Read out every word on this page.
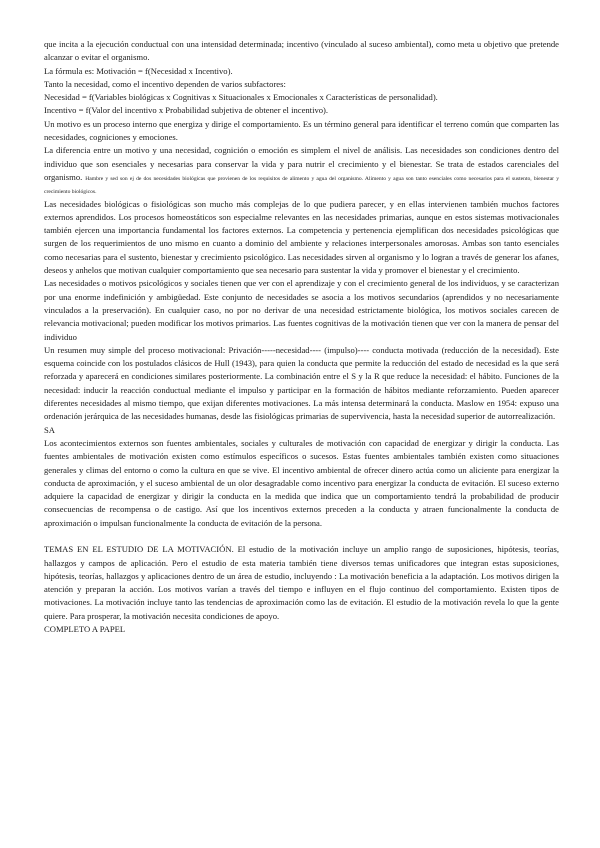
que incita a la ejecución conductual con una intensidad determinada; incentivo (vinculado al suceso ambiental), como meta u objetivo que pretende alcanzar o evitar el organismo.

La fórmula es: Motivación = f(Necesidad x Incentivo).

Tanto la necesidad, como el incentivo dependen de varios subfactores:

Necesidad = f(Variables biológicas x Cognitivas x Situacionales x Emocionales x Características de personalidad).

Incentivo = f(Valor del incentivo x Probabilidad subjetiva de obtener el incentivo).

Un motivo es un proceso interno que energiza y dirige el comportamiento. Es un término general para identificar el terreno común que comparten las necesidades, cogniciones y emociones.

La diferencia entre un motivo y una necesidad, cognición o emoción es simplem el nivel de análisis. Las necesidades son condiciones dentro del individuo que son esenciales y necesarias para conservar la vida y para nutrir el crecimiento y el bienestar. Se trata de estados carenciales del organismo. Hambre y sed son ej de dos necesidades biológicas que provienen de los requisitos de alimento y agua del organismo. Alimento y agua son tanto esenciales como necesarios para el sustento, bienestar y crecimiento biológicos.

Las necesidades biológicas o fisiológicas son mucho más complejas de lo que pudiera parecer, y en ellas intervienen también muchos factores externos aprendidos. Los procesos homeostáticos son especialme relevantes en las necesidades primarias, aunque en estos sistemas motivacionales también ejercen una importancia fundamental los factores externos. La competencia y pertenencia ejemplifican dos necesidades psicológicas que surgen de los requerimientos de uno mismo en cuanto a dominio del ambiente y relaciones interpersonales amorosas. Ambas son tanto esenciales como necesarias para el sustento, bienestar y crecimiento psicológico. Las necesidades sirven al organismo y lo logran a través de generar los afanes, deseos y anhelos que motivan cualquier comportamiento que sea necesario para sustentar la vida y promover el bienestar y el crecimiento.

Las necesidades o motivos psicológicos y sociales tienen que ver con el aprendizaje y con el crecimiento general de los individuos, y se caracterizan por una enorme indefinición y ambigüedad. Este conjunto de necesidades se asocia a los motivos secundarios (aprendidos y no necesariamente vinculados a la preservación). En cualquier caso, no por no derivar de una necesidad estrictamente biológica, los motivos sociales carecen de relevancia motivacional; pueden modificar los motivos primarios. Las fuentes cognitivas de la motivación tienen que ver con la manera de pensar del individuo

Un resumen muy simple del proceso motivacional: Privación-----necesidad---- (impulso)---- conducta motivada (reducción de la necesidad). Este esquema coincide con los postulados clásicos de Hull (1943), para quien la conducta que permite la reducción del estado de necesidad es la que será reforzada y aparecerá en condiciones similares posteriormente. La combinación entre el S y la R que reduce la necesidad: el hábito. Funciones de la necesidad: inducir la reacción conductual mediante el impulso y participar en la formación de hábitos mediante reforzamiento. Pueden aparecer diferentes necesidades al mismo tiempo, que exijan diferentes motivaciones. La más intensa determinará la conducta. Maslow en 1954: expuso una ordenación jerárquica de las necesidades humanas, desde las fisiológicas primarias de supervivencia, hasta la necesidad superior de autorrealización.

SA

Los acontecimientos externos son fuentes ambientales, sociales y culturales de motivación con capacidad de energizar y dirigir la conducta. Las fuentes ambientales de motivación existen como estímulos específicos o sucesos. Estas fuentes ambientales también existen como situaciones generales y climas del entorno o como la cultura en que se vive. El incentivo ambiental de ofrecer dinero actúa como un aliciente para energizar la conducta de aproximación, y el suceso ambiental de un olor desagradable como incentivo para energizar la conducta de evitación. El suceso externo adquiere la capacidad de energizar y dirigir la conducta en la medida que indica que un comportamiento tendrá la probabilidad de producir consecuencias de recompensa o de castigo. Así que los incentivos externos preceden a la conducta y atraen funcionalmente la conducta de aproximación o impulsan funcionalmente la conducta de evitación de la persona.

TEMAS EN EL ESTUDIO DE LA MOTIVACIÓN. El estudio de la motivación incluye un amplio rango de suposiciones, hipótesis, teorías, hallazgos y campos de aplicación. Pero el estudio de esta materia también tiene diversos temas unificadores que integran estas suposiciones, hipótesis, teorías, hallazgos y aplicaciones dentro de un área de estudio, incluyendo : La motivación beneficia a la adaptación. Los motivos dirigen la atención y preparan la acción. Los motivos varían a través del tiempo e influyen en el flujo continuo del comportamiento. Existen tipos de motivaciones. La motivación incluye tanto las tendencias de aproximación como las de evitación. El estudio de la motivación revela lo que la gente quiere. Para prosperar, la motivación necesita condiciones de apoyo.

COMPLETO A PAPEL
